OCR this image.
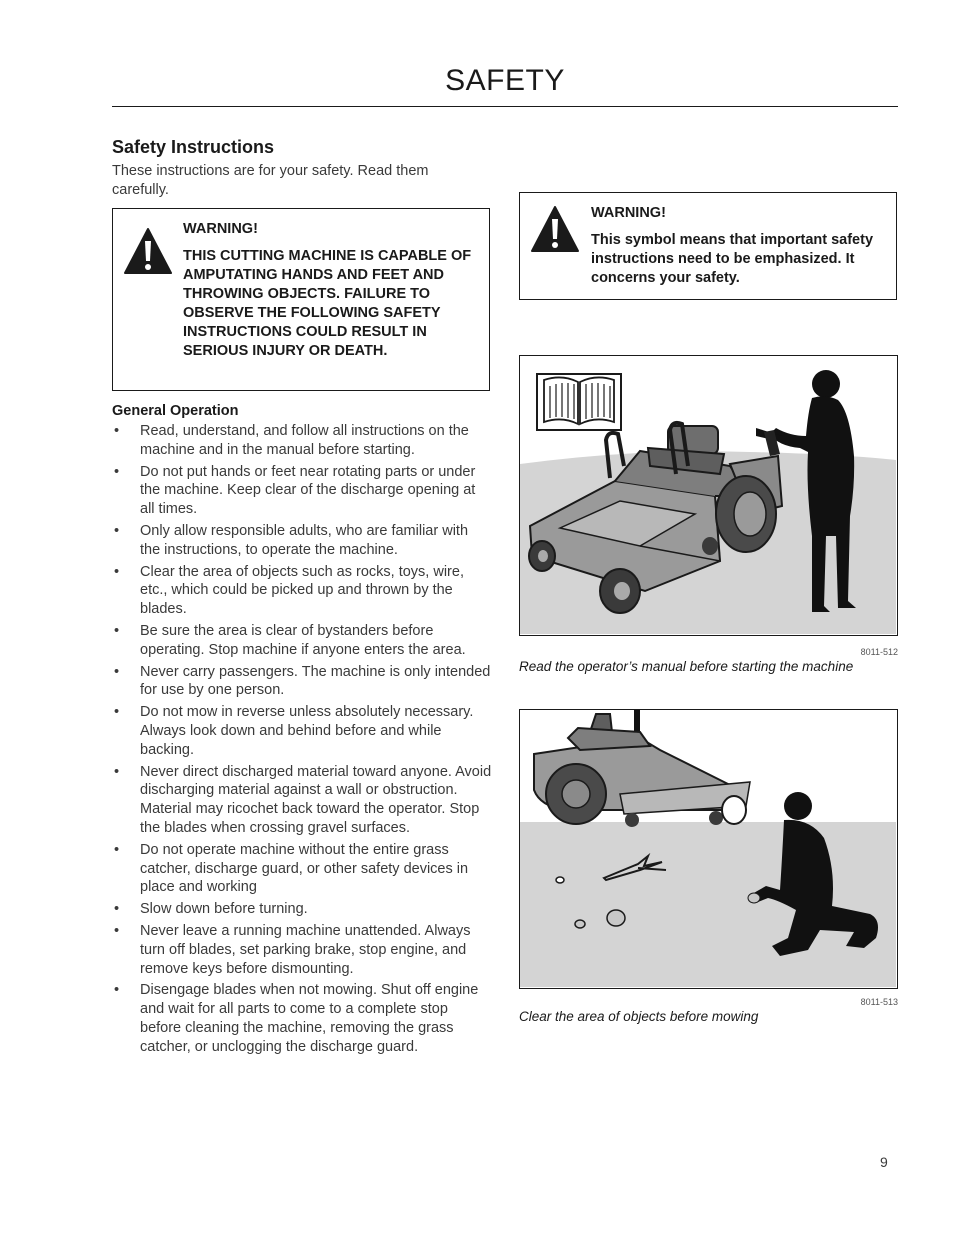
SAFETY
Safety Instructions
These instructions are for your safety. Read them carefully.
WARNING!
THIS CUTTING MACHINE IS CAPABLE OF AMPUTATING HANDS AND FEET AND THROWING OBJECTS. FAILURE TO OBSERVE THE FOLLOWING SAFETY INSTRUCTIONS COULD RESULT IN SERIOUS INJURY OR DEATH.
General Operation
• Read, understand, and follow all instructions on the machine and in the manual before starting.
• Do not put hands or feet near rotating parts or under the machine. Keep clear of the discharge opening at all times.
• Only allow responsible adults, who are familiar with the instructions, to operate the machine.
• Clear the area of objects such as rocks, toys, wire, etc., which could be picked up and thrown by the blades.
• Be sure the area is clear of bystanders before operating. Stop machine if anyone enters the area.
• Never carry passengers. The machine is only intended for use by one person.
• Do not mow in reverse unless absolutely necessary. Always look down and behind before and while backing.
• Never direct discharged material toward anyone. Avoid discharging material against a wall or obstruction. Material may ricochet back toward the operator. Stop the blades when crossing gravel surfaces.
• Do not operate machine without the entire grass catcher, discharge guard, or other safety devices in place and working
• Slow down before turning.
• Never leave a running machine unattended. Always turn off blades, set parking brake, stop engine, and remove keys before dismounting.
• Disengage blades when not mowing. Shut off engine and wait for all parts to come to a complete stop before cleaning the machine, removing the grass catcher, or unclogging the discharge guard.
WARNING!
This symbol means that important safety instructions need to be emphasized. It concerns your safety.
8011-512
Read the operator’s manual before starting the machine
8011-513
Clear the area of objects before mowing
9
